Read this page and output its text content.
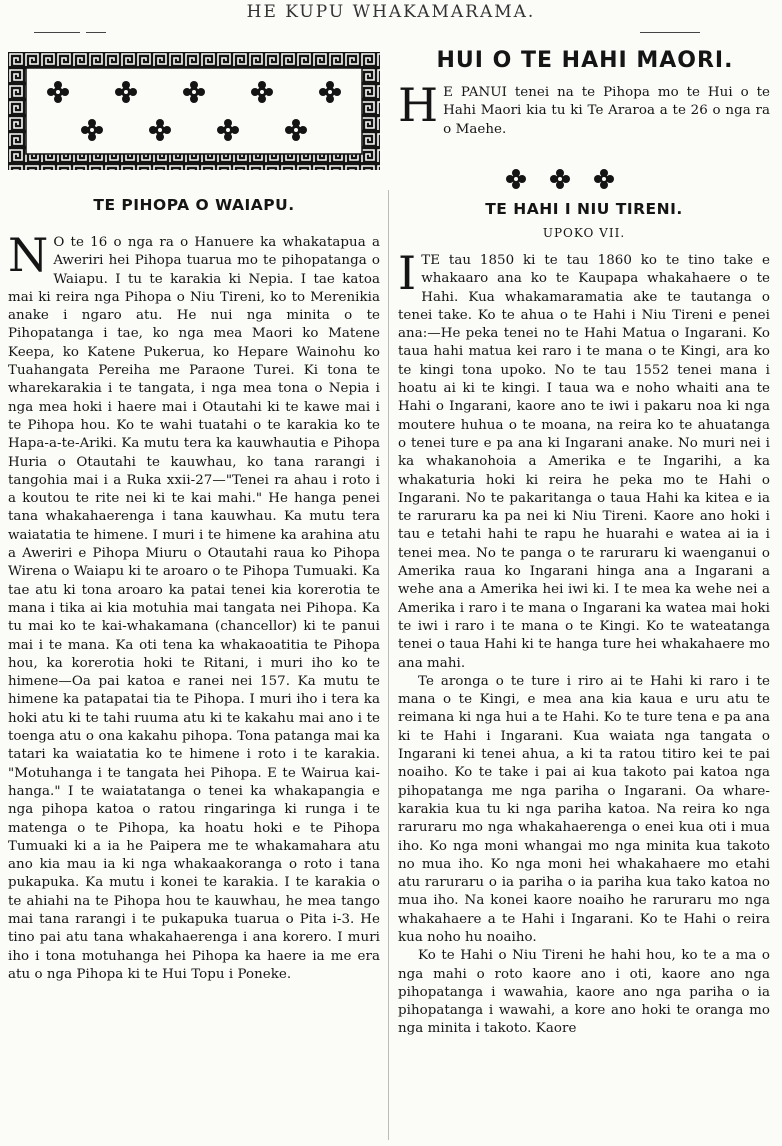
HE KUPU WHAKAMARAMA.
HUI O TE HAHI MAORI.

H E PANUI tenei na te Pihopa mo te Hui o te Hahi Maori kia tu ki Te Araroa a te 26 o nga ra o Maehe.

TE PIHOPA O WAIAPU.

N O te 16 o nga ra o Hanuere ka whakatapua a Aweriri hei Pihopa tuarua mo te pihopatanga o Waiapu. I tu te karakia ki Nepia. I tae katoa mai ki reira nga Pihopa o Niu Tireni, ko to Merenikia anake i ngaro atu. He nui nga minita o te Pihopatanga i tae, ko nga mea Maori ko Matene Keepa, ko Katene Pukerua, ko Hepare Wainohu ko Tuahangata Pereiha me Paraone Turei. Ki tona te wharekarakia i te tangata, i nga mea tona o Nepia i nga mea hoki i haere mai i Otautahi ki te kawe mai i te Pihopa hou. Ko te wahi tuatahi o te karakia ko te Hapa-a-te-Ariki. Ka mutu tera ka kauwhautia e Pihopa Huria o Otautahi te kauwhau, ko tana rarangi i tangohia mai i a Ruka xxii-27—"Tenei ra ahau i roto i a koutou te rite nei ki te kai mahi." He hanga penei tana whakahaerenga i tana kauwhau. Ka mutu tera waiatatia te himene. I muri i te himene ka arahina atu a Aweriri e Pihopa Miuru o Otautahi raua ko Pihopa Wirena o Waiapu ki te aroaro o te Pihopa Tumuaki. Ka tae atu ki tona aroaro ka patai tenei kia korerotia te mana i tika ai kia motuhia mai tangata nei Pihopa. Ka tu mai ko te kai-whakamana (chancellor) ki te panui mai i te mana. Ka oti tena ka whakaoatitia te Pihopa hou, ka korerotia hoki te Ritani, i muri iho ko te himene—Oa pai katoa e ranei nei 157. Ka mutu te himene ka patapatai tia te Pihopa. I muri iho i tera ka hoki atu ki te tahi ruuma atu ki te kakahu mai ano i te toenga atu o ona kakahu pihopa. Tona patanga mai ka tatari ka waiatatia ko te himene i roto i te karakia. "Motuhanga i te tangata hei Pihopa. E te Wairua kai-hanga." I te waiatatanga o tenei ka whakapangia e nga pihopa katoa o ratou ringaringa ki runga i te matenga o te Pihopa, ka hoatu hoki e te Pihopa Tumuaki ki a ia he Paipera me te whakamahara atu ano kia mau ia ki nga whakaakoranga o roto i tana pukapuka. Ka mutu i konei te karakia. I te karakia o te ahiahi na te Pihopa hou te kauwhau, he mea tango mai tana rarangi i te pukapuka tuarua o Pita i-3. He tino pai atu tana whakahaerenga i ana korero. I muri iho i tona motuhanga hei Pihopa ka haere ia me era atu o nga Pihopa ki te Hui Topu i Poneke.

TE HAHI I NIU TIRENI.
UPOKO VII.

ITE tau 1850 ki te tau 1860 ko te tino take e whakaaro ana ko te Kaupapa whakahaere o te Hahi. Kua whakamaramatia ake te tautanga o tenei take. Ko te ahua o te Hahi i Niu Tireni e penei ana:—He peka tenei no te Hahi Matua o Ingarani. Ko taua hahi matua kei raro i te mana o te Kingi, ara ko te kingi tona upoko. No te tau 1552 tenei mana i hoatu ai ki te kingi. I taua wa e noho whaiti ana te Hahi o Ingarani, kaore ano te iwi i pakaru noa ki nga moutere huhua o te moana, na reira ko te ahuatanga o tenei ture e pa ana ki Ingarani anake. No muri nei i ka whakanohoia a Amerika e te Ingarihi, a ka whakaturia hoki ki reira he peka mo te Hahi o Ingarani. No te pakaritanga o taua Hahi ka kitea e ia te raruraru ka pa nei ki Niu Tireni. Kaore ano hoki i tau e tetahi hahi te rapu he huarahi e watea ai ia i tenei mea. No te panga o te raruraru ki waenganui o Amerika raua ko Ingarani hinga ana a Ingarani a wehe ana a Amerika hei iwi ki. I te mea ka wehe nei a Amerika i raro i te mana o Ingarani ka watea mai hoki te iwi i raro i te mana o te Kingi. Ko te wateatanga tenei o taua Hahi ki te hanga ture hei whakahaere mo ana mahi.

Te aronga o te ture i riro ai te Hahi ki raro i te mana o te Kingi, e mea ana kia kaua e uru atu te reimana ki nga hui a te Hahi. Ko te ture tena e pa ana ki te Hahi i Ingarani. Kua waiata nga tangata o Ingarani ki tenei ahua, a ki ta ratou titiro kei te pai noaiho. Ko te take i pai ai kua takoto pai katoa nga pihopatanga me nga pariha o Ingarani. Oa whare-karakia kua tu ki nga pariha katoa. Na reira ko nga raruraru mo nga whakahaerenga o enei kua oti i mua iho. Ko nga moni whangai mo nga minita kua takoto no mua iho. Ko nga moni hei whakahaere mo etahi atu raruraru o ia pariha o ia pariha kua tako katoa no mua iho. Na konei kaore noaiho he raruraru mo nga whakahaere a te Hahi i Ingarani. Ko te Hahi o reira kua noho hu noaiho.

Ko te Hahi o Niu Tireni he hahi hou, ko te a ma o nga mahi o roto kaore ano i oti, kaore ano nga pihopatanga i wawahia, kaore ano nga pariha o ia pihopatanga i wawahi, a kore ano hoki te oranga mo nga minita i takoto. Kaore
